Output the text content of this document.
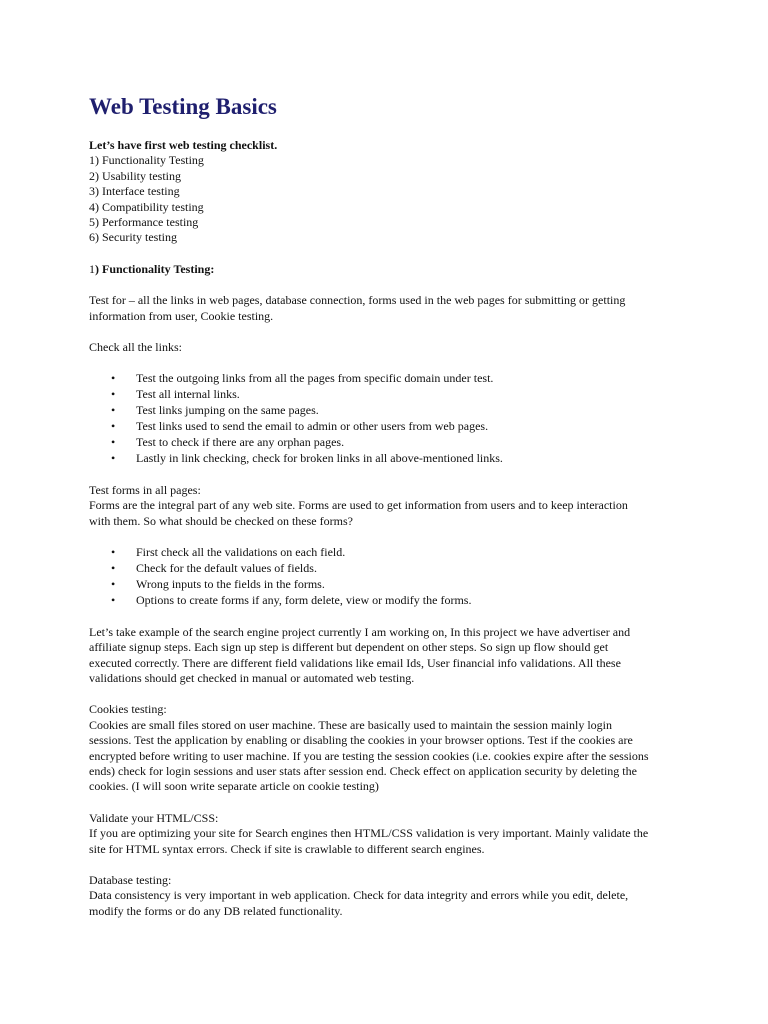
Web Testing Basics
Let’s have first web testing checklist.
1) Functionality Testing
2) Usability testing
3) Interface testing
4) Compatibility testing
5) Performance testing
6) Security testing
1) Functionality Testing:
Test for – all the links in web pages, database connection, forms used in the web pages for submitting or getting
information from user, Cookie testing.
Check all the links:
• Test the outgoing links from all the pages from specific domain under test.
• Test all internal links.
• Test links jumping on the same pages.
• Test links used to send the email to admin or other users from web pages.
• Test to check if there are any orphan pages.
• Lastly in link checking, check for broken links in all above-mentioned links.
Test forms in all pages:
Forms are the integral part of any web site. Forms are used to get information from users and to keep interaction
with them. So what should be checked on these forms?
• First check all the validations on each field.
• Check for the default values of fields.
• Wrong inputs to the fields in the forms.
• Options to create forms if any, form delete, view or modify the forms.
Let’s take example of the search engine project currently I am working on, In this project we have advertiser and
affiliate signup steps. Each sign up step is different but dependent on other steps. So sign up flow should get
executed correctly. There are different field validations like email Ids, User financial info validations. All these
validations should get checked in manual or automated web testing.
Cookies testing:
Cookies are small files stored on user machine. These are basically used to maintain the session mainly login
sessions. Test the application by enabling or disabling the cookies in your browser options. Test if the cookies are
encrypted before writing to user machine. If you are testing the session cookies (i.e. cookies expire after the sessions
ends) check for login sessions and user stats after session end. Check effect on application security by deleting the
cookies. (I will soon write separate article on cookie testing)
Validate your HTML/CSS:
If you are optimizing your site for Search engines then HTML/CSS validation is very important. Mainly validate the
site for HTML syntax errors. Check if site is crawlable to different search engines.
Database testing:
Data consistency is very important in web application. Check for data integrity and errors while you edit, delete,
modify the forms or do any DB related functionality.
